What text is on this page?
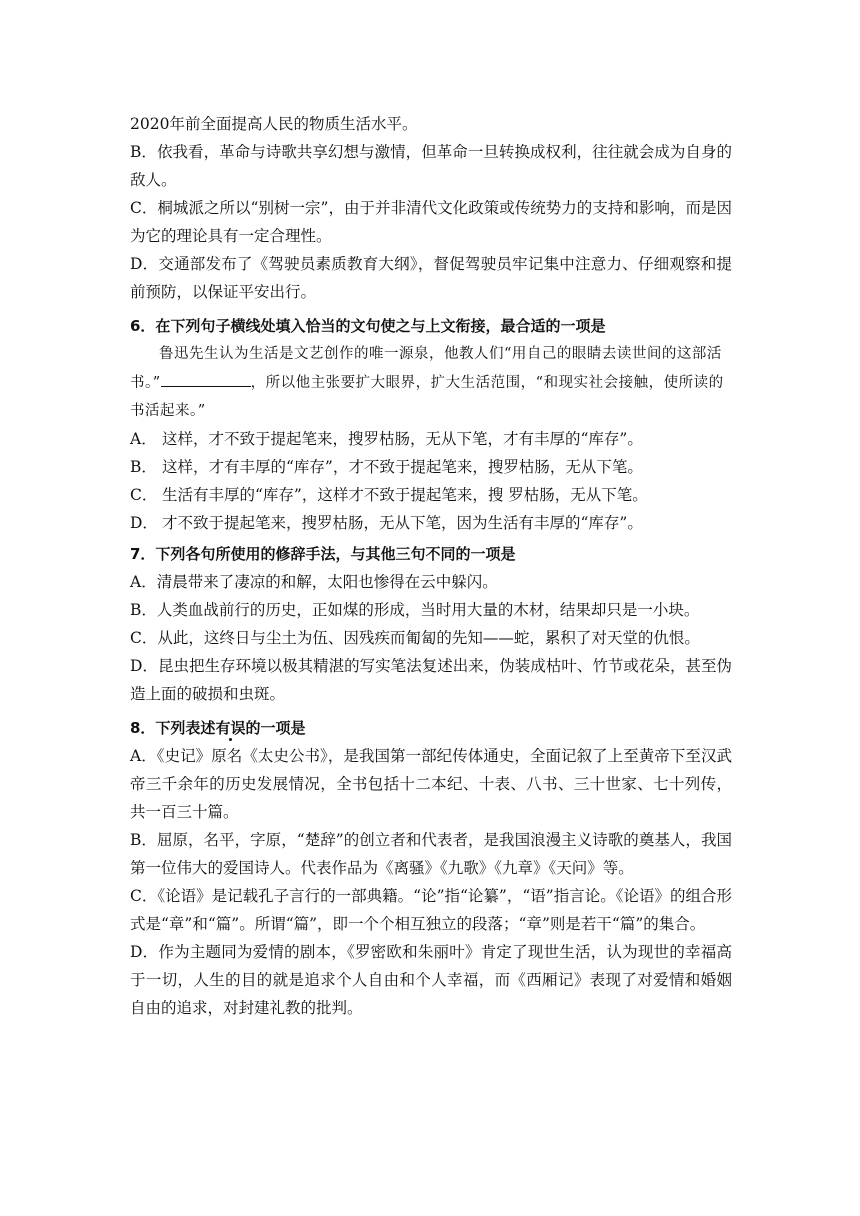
2020年前全面提高人民的物质生活水平。
B．依我看，革命与诗歌共享幻想与激情，但革命一旦转换成权利，往往就会成为自身的敌人。
C．桐城派之所以“别树一宗”，由于并非清代文化政策或传统势力的支持和影响，而是因为它的理论具有一定合理性。
D．交通部发布了《驾驶员素质教育大纲》，督促驾驶员牢记集中注意力、仔细观察和提前预防，以保证平安出行。
6．在下列句子横线处填入恰当的文句使之与上文衔接，最合适的一项是
鲁迅先生认为生活是文艺创作的唯一源泉，他教人们“用自己的眼睛去读世间的这部活书。”	，所以他主张要扩大眼界，扩大生活范围，“和现实社会接触，使所读的书活起来。”
A． 这样，才不致于提起笔来，搜罗枯肠，无从下笔，才有丰厚的“库存”。
B． 这样，才有丰厚的“库存”，才不致于提起笔来，搜罗枯肠，无从下笔。
C． 生活有丰厚的“库存”，这样才不致于提起笔来，搜 罗枯肠，无从下笔。
D． 才不致于提起笔来，搜罗枯肠，无从下笔，因为生活有丰厚的“库存”。
7．下列各句所使用的修辞手法，与其他三句不同的一项是
A．清晨带来了凄凉的和解，太阳也惨得在云中躲闪。
B．人类血战前行的历史，正如煤的形成，当时用大量的木材，结果却只是一小块。
C．从此，这终日与尘土为伍、因残疾而匍匐的先知——蛇，累积了对天堂的仇恨。
D．昆虫把生存环境以极其精湛的写实笔法复述出来，伪装成枯叶、竹节或花朵，甚至伪造上面的破损和虫斑。
8．下列表述有误的一项是
A．《史记》原名《太史公书》，是我国第一部纪传体通史，全面记叙了上至黄帝下至汉武帝三千余年的历史发展情况，全书包括十二本纪、十表、八书、三十世家、七十列传，共一百三十篇。
B．屈原，名平，字原，“楚辞”的创立者和代表者，是我国浪漫主义诗歌的奠基人，我国第一位伟大的爱国诗人。代表作品为《离骚》《九歌》《九章》《天问》等。
C．《论语》是记载孔子言行的一部典籍。“论”指“论纂”，“语”指言论。《论语》的组合形式是“章”和“篇”。所谓“篇”，即一个个相互独立的段落；“章”则是若干“篇”的集合。
D．作为主题同为爱情的剧本，《罗密欧和朱丽叶》肯定了现世生活，认为现世的幸福高于一切，人生的目的就是追求个人自由和个人幸福，而《西厢记》表现了对爱情和婚姻自由的追求，对封建礼教的批判。
